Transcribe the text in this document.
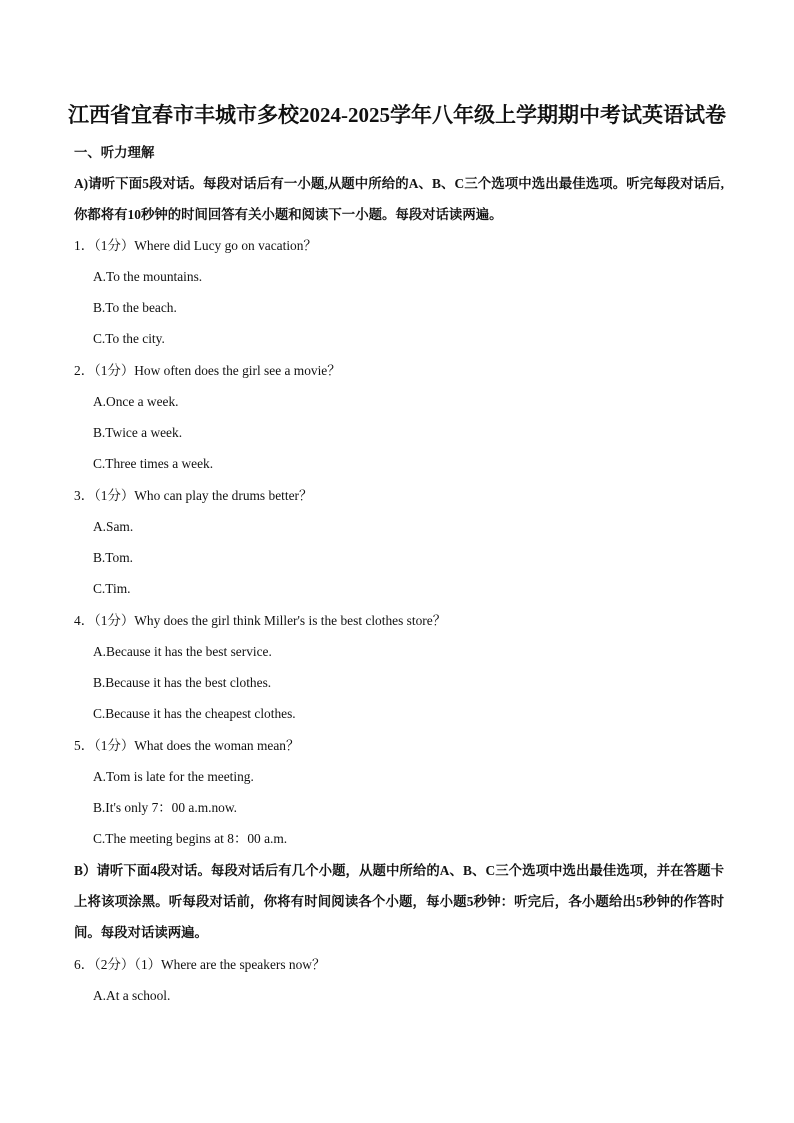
江西省宜春市丰城市多校2024-2025学年八年级上学期期中考试英语试卷
一、听力理解
A)请听下面5段对话。每段对话后有一小题,从题中所给的A、B、C三个选项中选出最佳选项。听完每段对话后,你都将有10秒钟的时间回答有关小题和阅读下一小题。每段对话读两遍。
1．（1分）Where did Lucy go on vacation？
A.To the mountains.
B.To the beach.
C.To the city.
2．（1分）How often does the girl see a movie？
A.Once a week.
B.Twice a week.
C.Three times a week.
3．（1分）Who can play the drums better？
A.Sam.
B.Tom.
C.Tim.
4．（1分）Why does the girl think Miller's is the best clothes store？
A.Because it has the best service.
B.Because it has the best clothes.
C.Because it has the cheapest clothes.
5．（1分）What does the woman mean？
A.Tom is late for the meeting.
B.It's only 7：00 a.m.now.
C.The meeting begins at 8：00 a.m.
B）请听下面4段对话。每段对话后有几个小题，从题中所给的A、B、C三个选项中选出最佳选项，并在答题卡上将该项涂黑。听每段对话前，你将有时间阅读各个小题，每小题5秒钟：听完后，各小题给出5秒钟的作答时间。每段对话读两遍。
6．（2分）（1）Where are the speakers now？
A.At a school.
